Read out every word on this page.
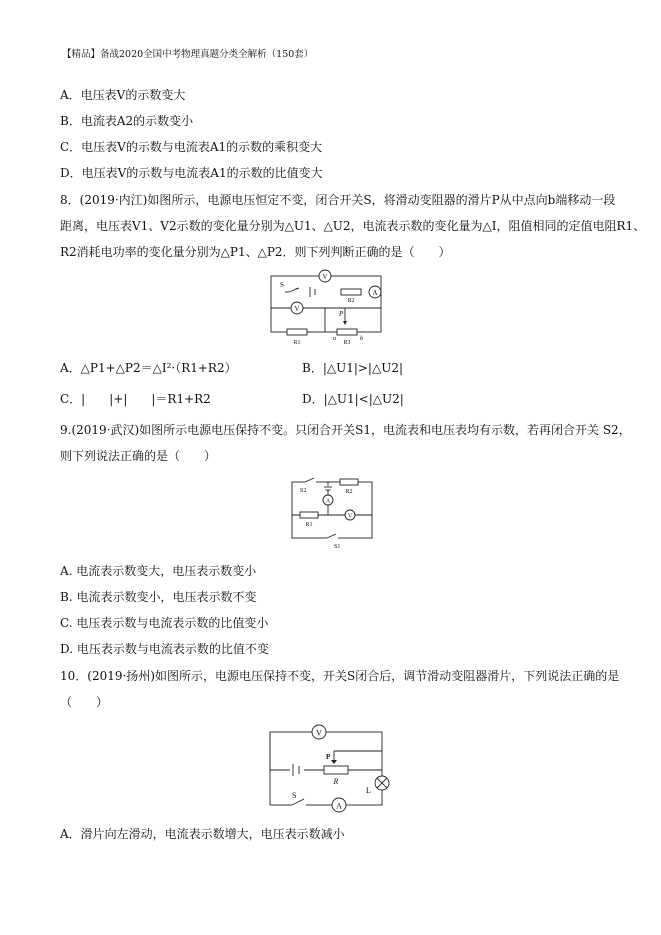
【精品】备战2020全国中考物理真题分类全解析（150套）
A．电压表V的示数变大
B．电流表A2的示数变小
C．电压表V的示数与电流表A1的示数的乘积变大
D．电压表V的示数与电流表A1的示数的比值变大
8．(2019·内江)如图所示，电源电压恒定不变，闭合开关S，将滑动变阻器的滑片P从中点向b端移动一段
距离，电压表V1、V2示数的变化量分别为△U1、△U2，电流表示数的变化量为△I，阻值相同的定值电阻R1、
R2消耗电功率的变化量分别为△P1、△P2．则下列判断正确的是（　　）
V
S
R2
A
V
P
R1
a
R3
b
A．△P1+△P2＝△I²·（R1+R2）	B．|△U1|>|△U2|
C．|　　|+|　　|＝R1+R2	D．|△U1|<|△U2|
9.(2019·武汉)如图所示电源电压保持不变。只闭合开关S1，电流表和电压表均有示数，若再闭合开关 S2，
则下列说法正确的是（　　）
S2	R2
A
R1
V
S1
A. 电流表示数变大，电压表示数变小
B. 电流表示数变小，电压表示数不变
C. 电压表示数与电流表示数的比值变小
D. 电压表示数与电流表示数的比值不变
10．(2019·扬州)如图所示，电源电压保持不变，开关S闭合后，调节滑动变阻器滑片，下列说法正确的是
（　　）
V
P
R
L
S
A
A．滑片向左滑动，电流表示数增大，电压表示数减小
